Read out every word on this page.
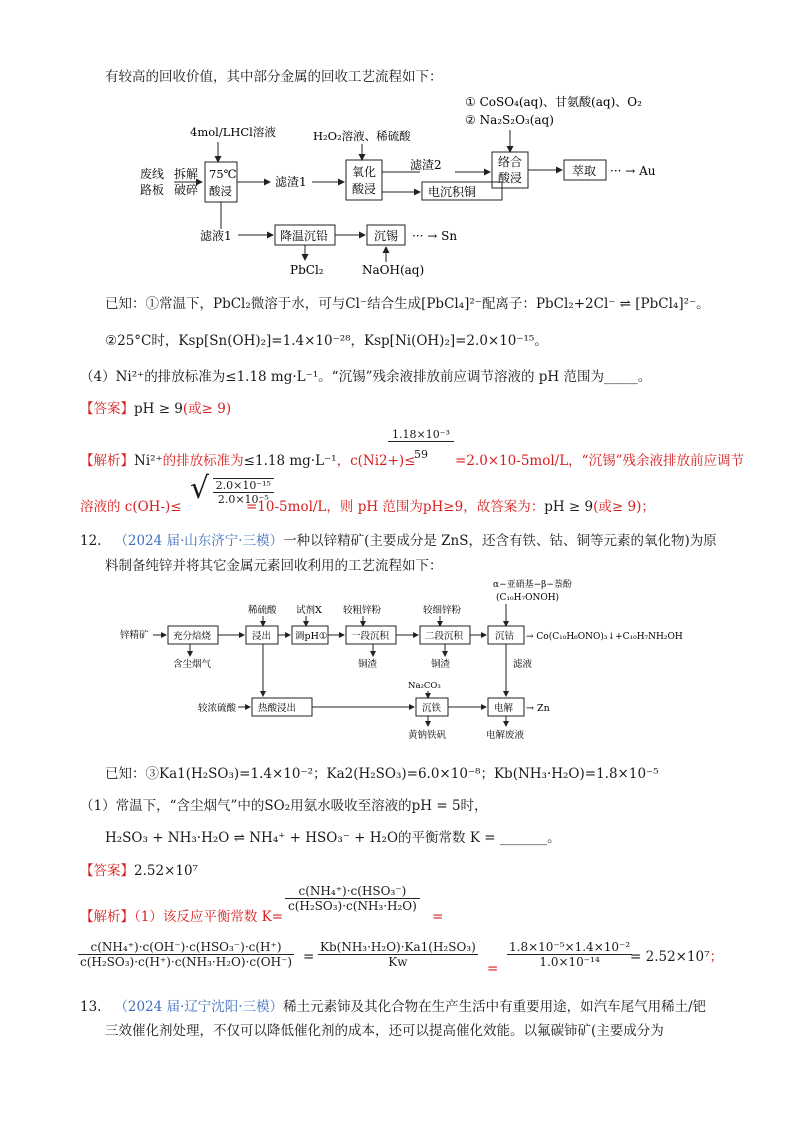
有较高的回收价值，其中部分金属的回收工艺流程如下：
① CoSO₄(aq)、甘氨酸(aq)、O₂
② Na₂S₂O₃(aq)
4mol/LHCl溶液	H₂O₂溶液、稀硫酸
废线
路板
拆解
破碎
75℃
酸浸
滤渣1
氧化
酸浸
滤渣2
电沉积铜
络合
酸浸	萃取 ··· → Au
滤液1	降温沉铅	沉锡 ··· → Sn
PbCl₂	NaOH(aq)
已知：①常温下，PbCl₂微溶于水，可与Cl⁻结合生成[PbCl₄]²⁻配离子：PbCl₂+2Cl⁻ ⇌ [PbCl₄]²⁻。
②25°C时，Ksp[Sn(OH)₂]=1.4×10⁻²⁸，Ksp[Ni(OH)₂]=2.0×10⁻¹⁵。
（4）Ni²⁺的排放标准为≤1.18 mg·L⁻¹。“沉锡”残余液排放前应调节溶液的 pH 范围为_____。
【答案】pH ≥ 9(或≥ 9)
【解析】Ni²⁺的排放标准为≤1.18 mg·L⁻¹，c(Ni2+)≤
$\frac{\text{1.18×10⁻³}}{59} =2.0\times 10-5mol/L$，“沉锡”残余液排放前应调节
溶液的 c(OH-)≤
√ $\frac{\text{2.0×10⁻¹⁵}}{\text{2.0×10⁻⁵}}$
=10-5mol/L，则 pH 范围为pH≥9，故答案为：pH ≥ 9(或≥ 9)；
12. （2024 届·山东济宁·三模）一种以锌精矿(主要成分是 ZnS，还含有铁、钴、铜等元素的氧化物)为原
料制备纯锌并将其它金属元素回收利用的工艺流程如下：
α−亚硝基−β−萘酚
(C₁₀H₇ONOH)
稀硫酸 试剂X 较粗锌粉	较细锌粉
锌精矿	充分焙烧	浸出	调pH① 一段沉积	二段沉积	沉钴 → Co(C₁₀H₆ONO)₃↓+C₁₀H₇NH₂OH
含尘烟气	铜渣	铜渣	滤液
Na₂CO₃
较浓硫酸 热酸浸出	沉铁	电解 → Zn
黄钠铁矾	电解废液
已知：③Ka1(H₂SO₃)=1.4×10⁻²；Ka2(H₂SO₃)=6.0×10⁻⁸；Kb(NH₃·H₂O)=1.8×10⁻⁵
（1）常温下，“含尘烟气”中的SO₂用氨水吸收至溶液的pH = 5时，
H₂SO₃ + NH₃·H₂O ⇌ NH₄⁺ + HSO₃⁻ + H₂O的平衡常数 K = _______。
【答案】2.52×10⁷
【解析】（1）该反应平衡常数 K=
c(NH₄⁺)·c(HSO₃⁻)
c(H₂SO₃)·c(NH₃·H₂O)
=
c(NH₄⁺)·c(OH⁻)·c(HSO₃⁻)·c(H⁺)
$c(H_2SO_3)\cdot c(H^+)\cdot c(NH_3\cdot H_2O)\cdot c(OH^-) = \frac{\text{Kb(NH₃·H₂O)·Ka1(H₂SO₃)}}{Kw} = \frac{\text{1.8×10⁻⁵×1.4×10⁻²}}{\text{1.0×10⁻¹⁴}}$
= 2.52×10⁷；
13. （2024 届·辽宁沈阳·三模）稀土元素铈及其化合物在生产生活中有重要用途，如汽车尾气用稀土/钯
三效催化剂处理，不仅可以降低催化剂的成本，还可以提高催化效能。以氟碳铈矿(主要成分为
